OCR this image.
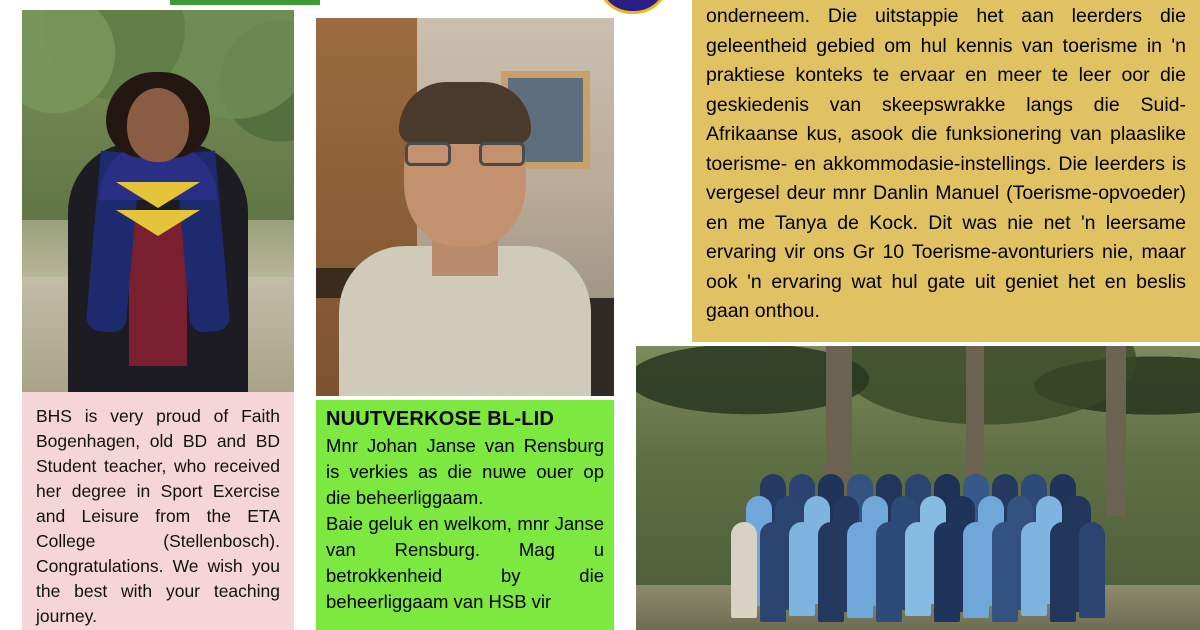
BHS is very proud of Faith Bogenhagen, old BD and BD Student teacher, who received her degree in Sport Exercise and Leisure from the ETA College (Stellenbosch). Congratulations. We wish you the best with your teaching journey.

NUUTVERKOSE BL-LID

Mnr Johan Janse van Rensburg is verkies as die nuwe ouer op die beheerliggaam.

Baie geluk en welkom, mnr Janse van Rensburg. Mag u betrokkenheid by die beheerliggaam van HSB vir

onderneem. Die uitstappie het aan leerders die geleentheid gebied om hul kennis van toerisme in 'n praktiese konteks te ervaar en meer te leer oor die geskiedenis van skeepswrakke langs die Suid-Afrikaanse kus, asook die funksionering van plaaslike toerisme- en akkommodasie-instellings. Die leerders is vergesel deur mnr Danlin Manuel (Toerisme-opvoeder) en me Tanya de Kock. Dit was nie net 'n leersame ervaring vir ons Gr 10 Toerisme-avonturiers nie, maar ook 'n ervaring wat hul gate uit geniet het en beslis gaan onthou.
